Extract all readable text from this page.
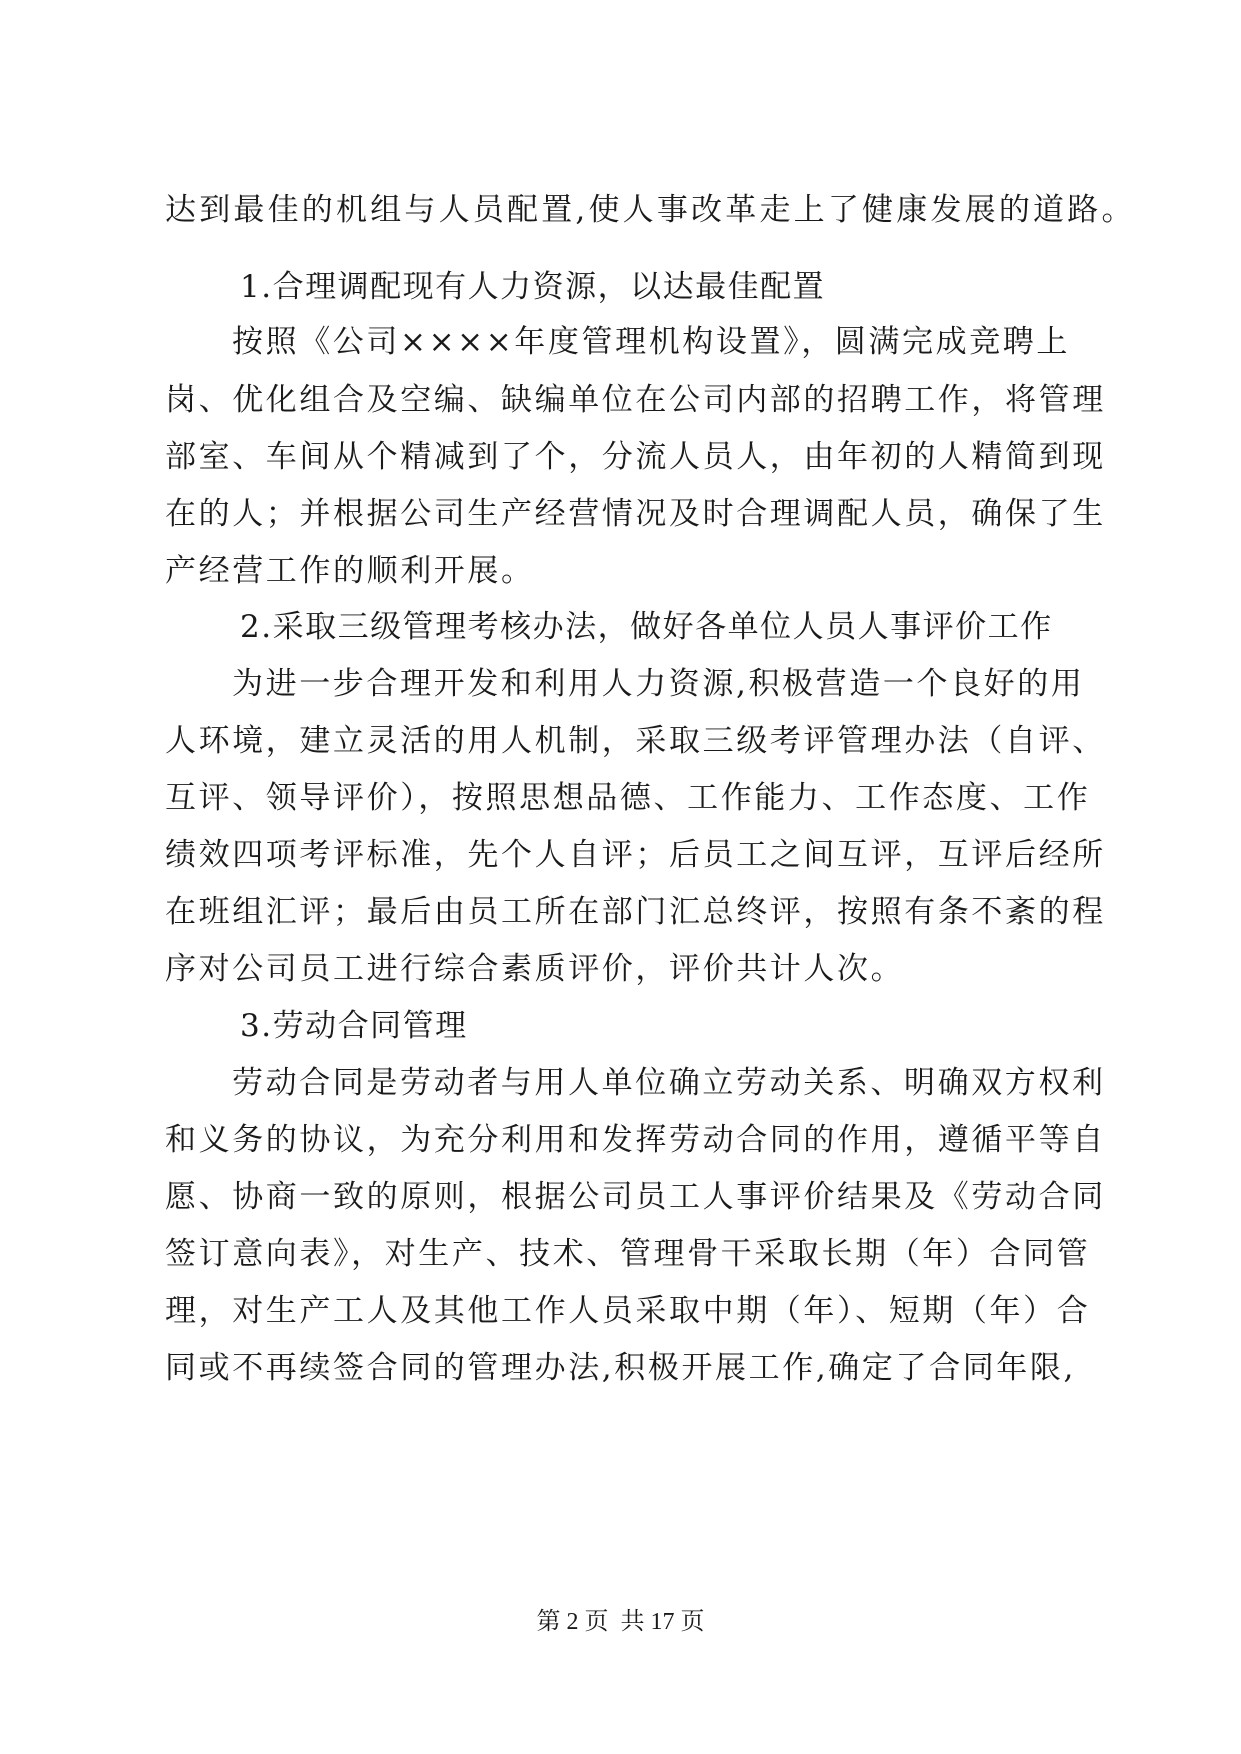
达到最佳的机组与人员配置,使人事改革走上了健康发展的道路。
1.合理调配现有人力资源，以达最佳配置
按照《公司××××年度管理机构设置》，圆满完成竞聘上
岗、优化组合及空编、缺编单位在公司内部的招聘工作，将管理
部室、车间从个精减到了个，分流人员人，由年初的人精简到现
在的人；并根据公司生产经营情况及时合理调配人员，确保了生
产经营工作的顺利开展。
2.采取三级管理考核办法，做好各单位人员人事评价工作
为进一步合理开发和利用人力资源,积极营造一个良好的用
人环境，建立灵活的用人机制，采取三级考评管理办法（自评、
互评、领导评价），按照思想品德、工作能力、工作态度、工作
绩效四项考评标准，先个人自评；后员工之间互评，互评后经所
在班组汇评；最后由员工所在部门汇总终评，按照有条不紊的程
序对公司员工进行综合素质评价，评价共计人次。
3.劳动合同管理
劳动合同是劳动者与用人单位确立劳动关系、明确双方权利
和义务的协议，为充分利用和发挥劳动合同的作用，遵循平等自
愿、协商一致的原则，根据公司员工人事评价结果及《劳动合同
签订意向表》，对生产、技术、管理骨干采取长期（年）合同管
理，对生产工人及其他工作人员采取中期（年）、短期（年）合
同或不再续签合同的管理办法,积极开展工作,确定了合同年限,
第 2 页 共 17 页
